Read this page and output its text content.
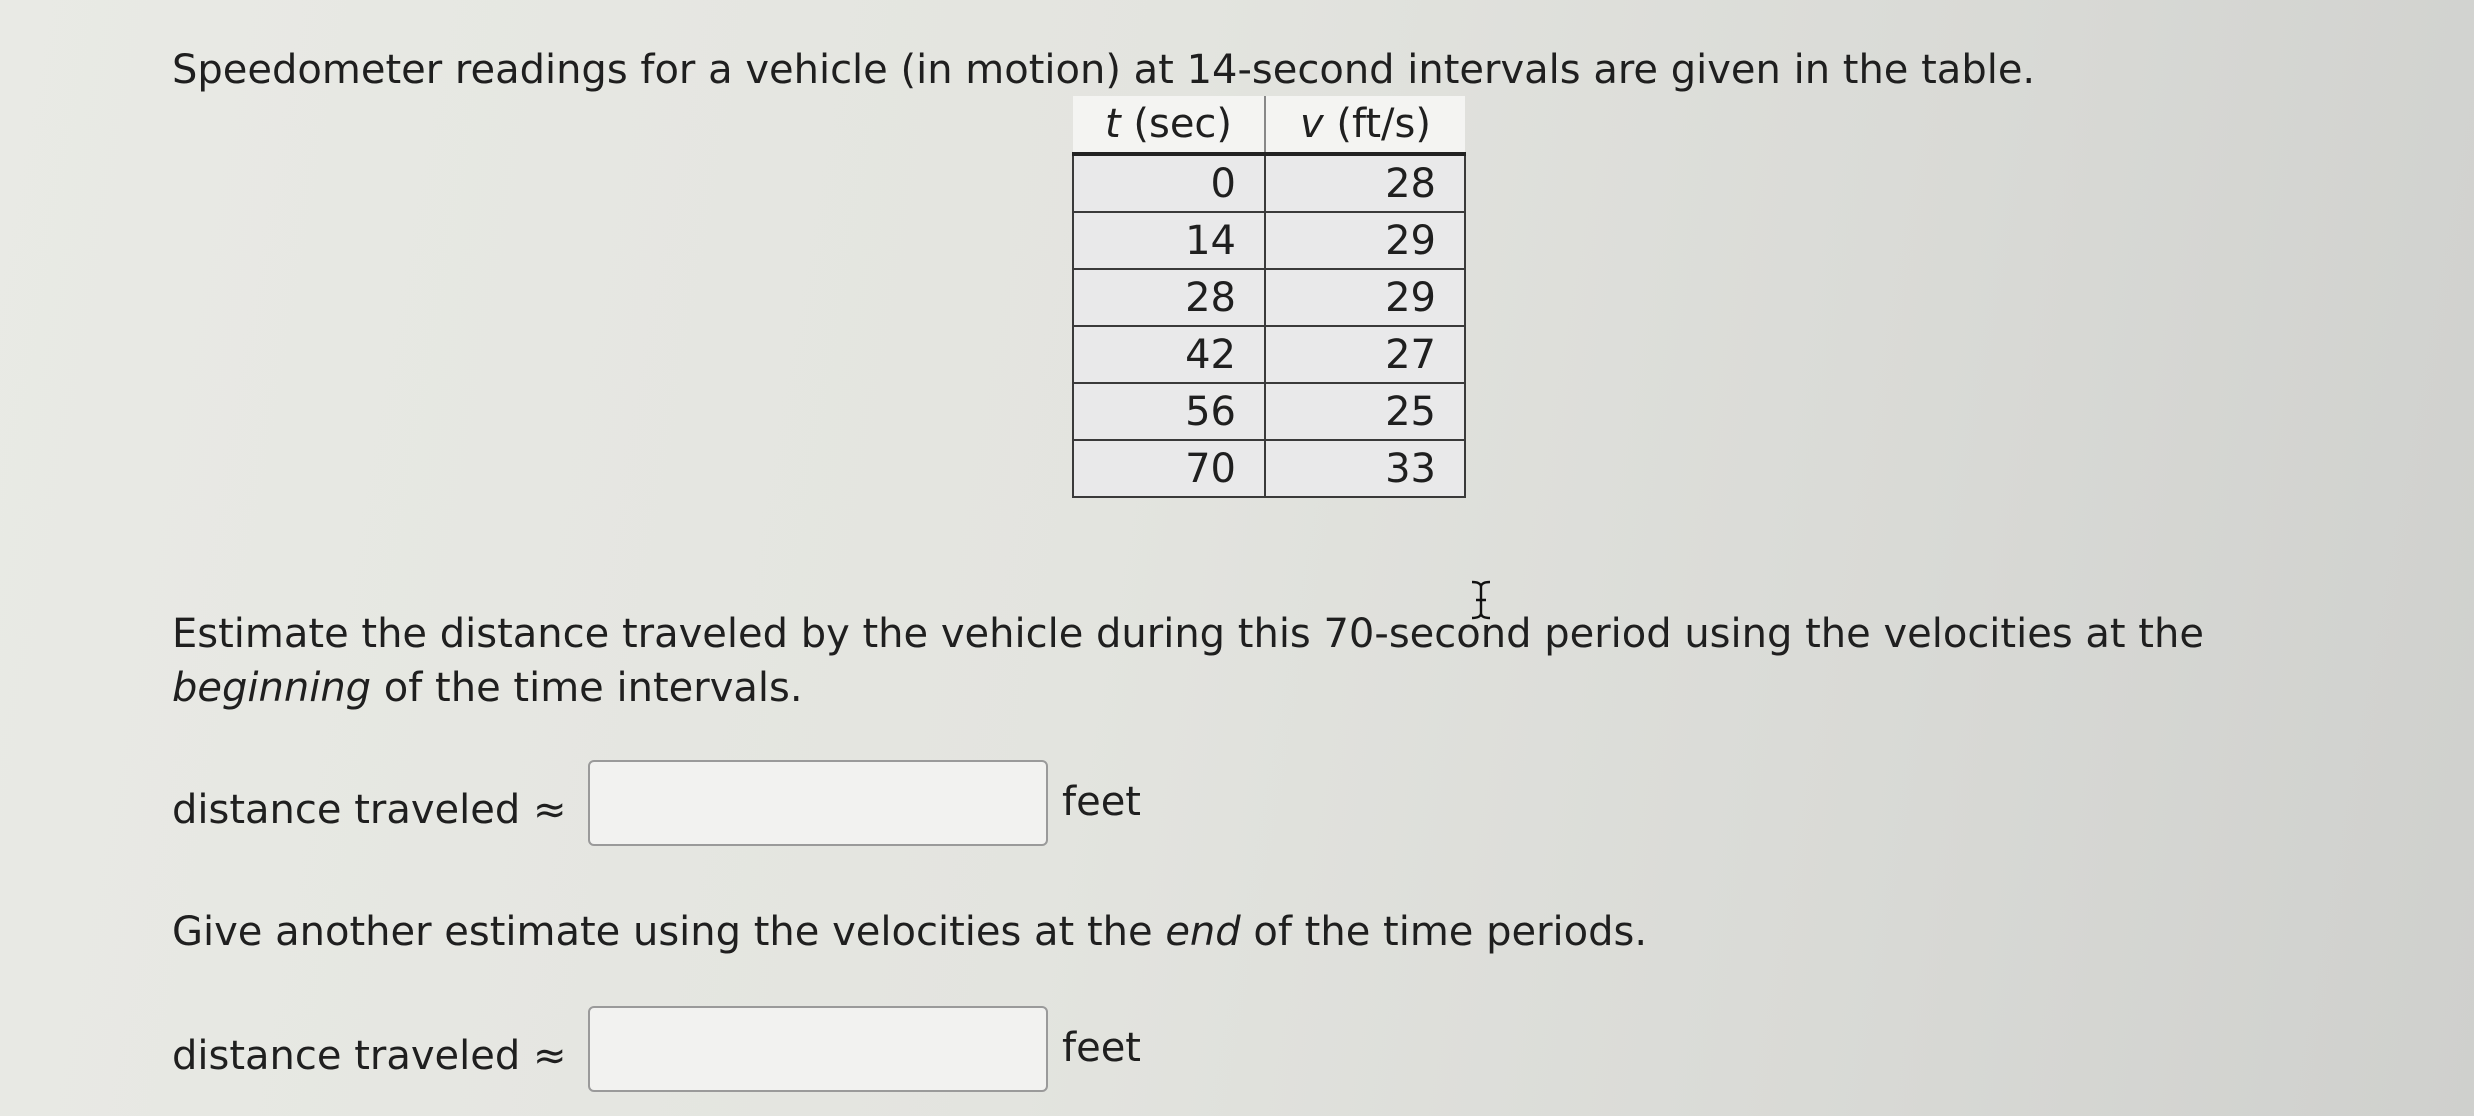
Speedometer readings for a vehicle (in motion) at 14-second intervals are given in the table.
t (sec)	v (ft/s)
0	28
14	29
28	29
42	27
56	25
70	33
Estimate the distance traveled by the vehicle during this 70-second period using the velocities at the
beginning of the time intervals.
distance traveled ≈	feet
Give another estimate using the velocities at the end of the time periods.
distance traveled ≈	feet
